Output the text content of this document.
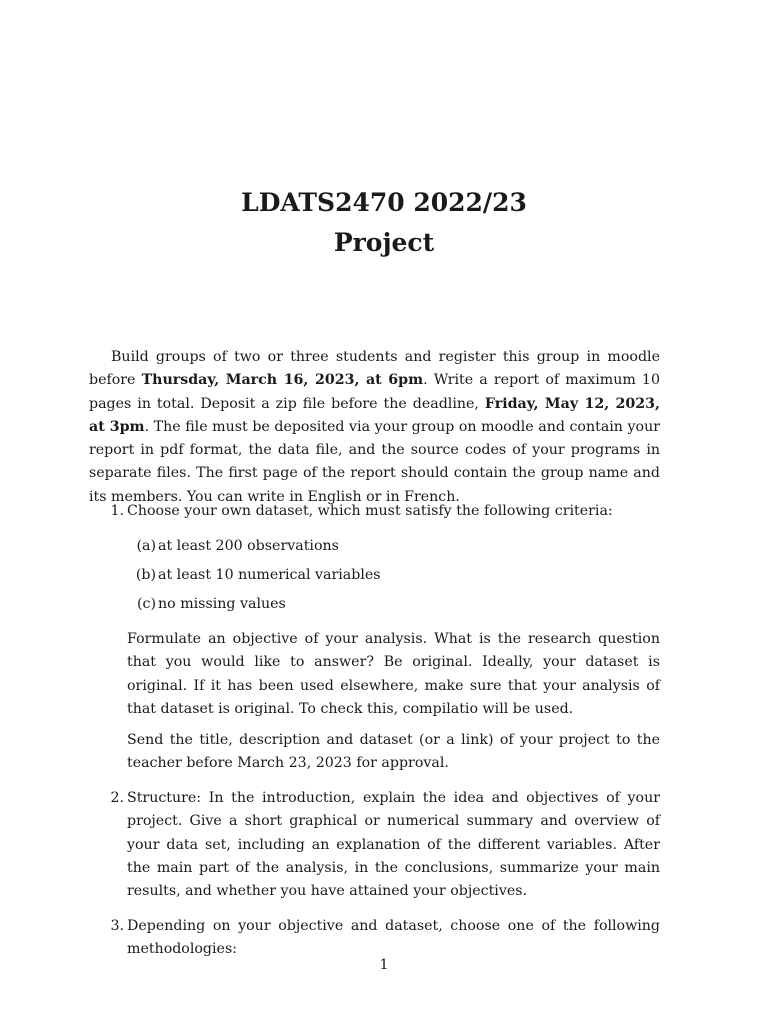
LDATS2470 2022/23
Project
Build groups of two or three students and register this group in moodle before Thursday, March 16, 2023, at 6pm. Write a report of maximum 10 pages in total. Deposit a zip file before the deadline, Friday, May 12, 2023, at 3pm. The file must be deposited via your group on moodle and contain your report in pdf format, the data file, and the source codes of your programs in separate files. The first page of the report should contain the group name and its members. You can write in English or in French.
1. Choose your own dataset, which must satisfy the following criteria:
(a) at least 200 observations
(b) at least 10 numerical variables
(c) no missing values
Formulate an objective of your analysis. What is the research question that you would like to answer? Be original. Ideally, your dataset is original. If it has been used elsewhere, make sure that your analysis of that dataset is original. To check this, compilatio will be used.
Send the title, description and dataset (or a link) of your project to the teacher before March 23, 2023 for approval.
2. Structure: In the introduction, explain the idea and objectives of your project. Give a short graphical or numerical summary and overview of your data set, including an explanation of the different variables. After the main part of the analysis, in the conclusions, summarize your main results, and whether you have attained your objectives.
3. Depending on your objective and dataset, choose one of the following methodologies:
1
